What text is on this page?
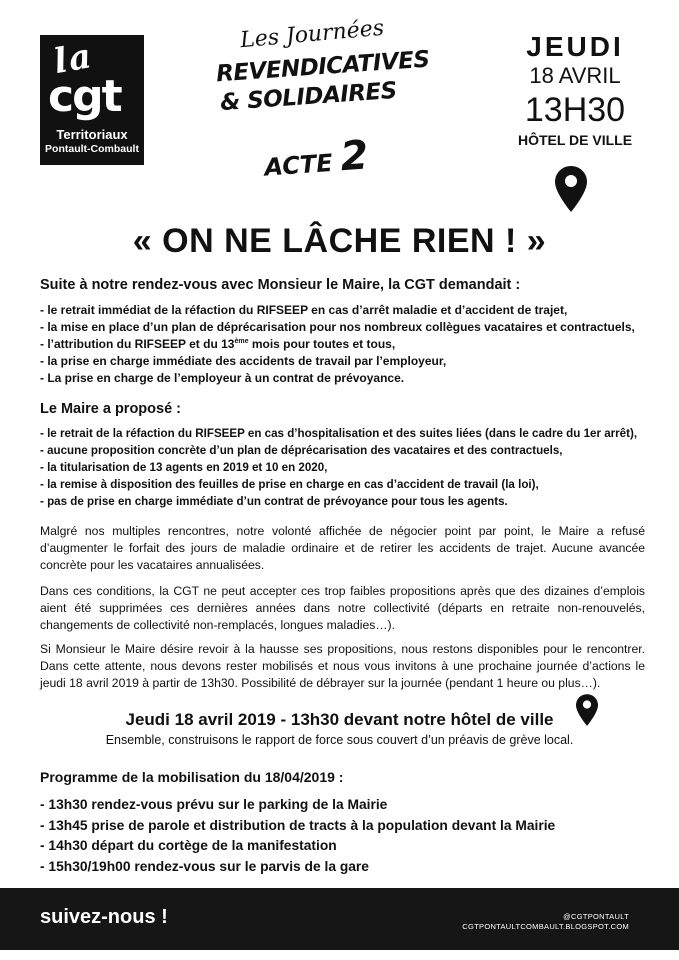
la
cgt
Territoriaux
Pontault-Combault
Les Journées
REVENDICATIVES
& SOLIDAIRES
ACTE 2
JEUDI
18 AVRIL
13H30
HÔTEL DE VILLE
« ON NE LÂCHE RIEN ! »
Suite à notre rendez-vous avec Monsieur le Maire, la CGT demandait :
- le retrait immédiat de la réfaction du RIFSEEP en cas d’arrêt maladie et d’accident de trajet,
- la mise en place d’un plan de déprécarisation pour nos nombreux collègues vacataires et contractuels,
- l’attribution du RIFSEEP et du 13ème mois pour toutes et tous,
- la prise en charge immédiate des accidents de travail par l’employeur,
- La prise en charge de l’employeur à un contrat de prévoyance.
Le Maire a proposé :
- le retrait de la réfaction du RIFSEEP en cas d’hospitalisation et des suites liées (dans le cadre du 1er arrêt),
- aucune proposition concrète d’un plan de déprécarisation des vacataires et des contractuels,
- la titularisation de 13 agents en 2019 et 10 en 2020,
- la remise à disposition des feuilles de prise en charge en cas d’accident de travail (la loi),
- pas de prise en charge immédiate d’un contrat de prévoyance pour tous les agents.

Malgré nos multiples rencontres, notre volonté affichée de négocier point par point, le Maire a refusé d’augmenter le forfait des jours de maladie ordinaire et de retirer les accidents de trajet. Aucune avancée concrète pour les vacataires annualisées.

Dans ces conditions, la CGT ne peut accepter ces trop faibles propositions après que des dizaines d’emplois aient été supprimées ces dernières années dans notre collectivité (départs en retraite non-renouvelés, changements de collectivité non-remplacés, longues maladies…).

Si Monsieur le Maire désire revoir à la hausse ses propositions, nous restons disponibles pour le rencontrer. Dans cette attente, nous devons rester mobilisés et nous vous invitons à une prochaine journée d’actions le jeudi 18 avril 2019 à partir de 13h30. Possibilité de débrayer sur la journée (pendant 1 heure ou plus…).

Jeudi 18 avril 2019 - 13h30 devant notre hôtel de ville
Ensemble, construisons le rapport de force sous couvert d’un préavis de grève local.
Programme de la mobilisation du 18/04/2019 :
- 13h30 rendez-vous prévu sur le parking de la Mairie
- 13h45 prise de parole et distribution de tracts à la population devant la Mairie
- 14h30 départ du cortège de la manifestation
- 15h30/19h00 rendez-vous sur le parvis de la gare
suivez-nous !	@CGTPONTAULT
CGTPONTAULTCOMBAULT.BLOGSPOT.COM
